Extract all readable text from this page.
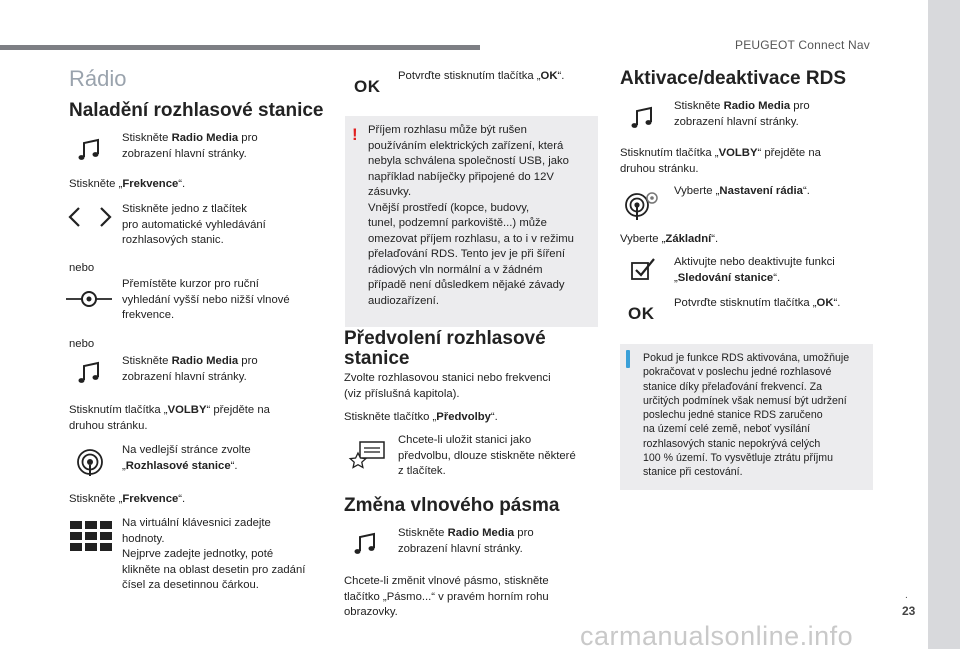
PEUGEOT Connect Nav
.
23
carmanualsonline.info
Rádio
Naladění rozhlasové stanice
Stiskněte Radio Media pro
zobrazení hlavní stránky.
Stiskněte „Frekvence“.
Stiskněte jedno z tlačítek
pro automatické vyhledávání
rozhlasových stanic.
nebo
Přemístěte kurzor pro ruční
vyhledání vyšší nebo nižší vlnové
frekvence.
nebo
Stiskněte Radio Media pro
zobrazení hlavní stránky.
Stisknutím tlačítka „VOLBY“ přejděte na
druhou stránku.
Na vedlejší stránce zvolte
„Rozhlasové stanice“.
Stiskněte „Frekvence“.
Na virtuální klávesnici zadejte
hodnoty.
Nejprve zadejte jednotky, poté
klikněte na oblast desetin pro zadání
čísel za desetinnou čárkou.
OK
Potvrďte stisknutím tlačítka „OK“.
! Příjem rozhlasu může být rušen
používáním elektrických zařízení, která
nebyla schválena společností USB, jako
například nabíječky připojené do 12V
zásuvky.
Vnější prostředí (kopce, budovy,
tunel, podzemní parkoviště...) může
omezovat příjem rozhlasu, a to i v režimu
přelaďování RDS. Tento jev je při šíření
rádiových vln normální a v žádném
případě není důsledkem nějaké závady
audiozařízení.
Předvolení rozhlasové
stanice
Zvolte rozhlasovou stanici nebo frekvenci
(viz příslušná kapitola).
Stiskněte tlačítko „Předvolby“.
Chcete-li uložit stanici jako
předvolbu, dlouze stiskněte některé
z tlačítek.
Změna vlnového pásma
Stiskněte Radio Media pro
zobrazení hlavní stránky.
Chcete-li změnit vlnové pásmo, stiskněte
tlačítko „Pásmo...“ v pravém horním rohu
obrazovky.
Aktivace/deaktivace RDS
Stiskněte Radio Media pro
zobrazení hlavní stránky.
Stisknutím tlačítka „VOLBY“ přejděte na
druhou stránku.
Vyberte „Nastavení rádia“.
Vyberte „Základní“.
Aktivujte nebo deaktivujte funkci
„Sledování stanice“.
OK
Potvrďte stisknutím tlačítka „OK“.
Pokud je funkce RDS aktivována, umožňuje
pokračovat v poslechu jedné rozhlasové
stanice díky přelaďování frekvencí. Za
určitých podmínek však nemusí být udržení
poslechu jedné stanice RDS zaručeno
na území celé země, neboť vysílání
rozhlasových stanic nepokrývá celých
100 % území. To vysvětluje ztrátu příjmu
stanice při cestování.
